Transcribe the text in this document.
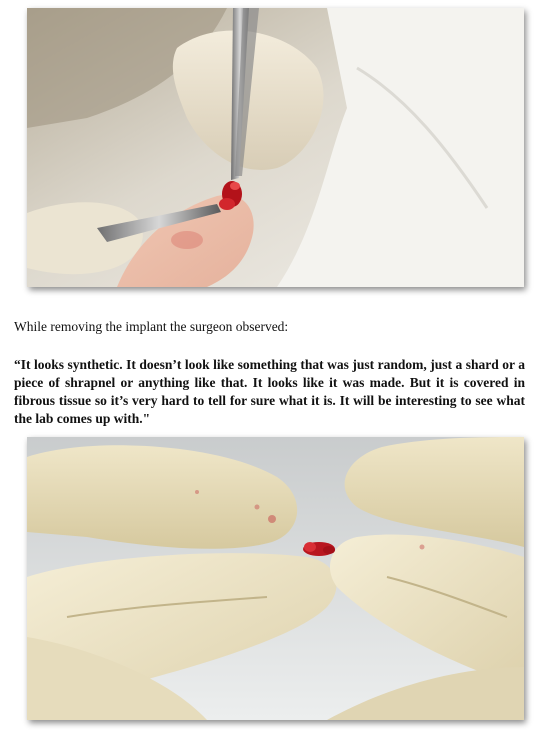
While removing the implant the surgeon observed:

“It looks synthetic. It doesn’t look like something that was just random, just a shard or a piece of shrapnel or anything like that. It looks like it was made. But it is covered in fibrous tissue so it’s very hard to tell for sure what it is. It will be interesting to see what the lab comes up with."
